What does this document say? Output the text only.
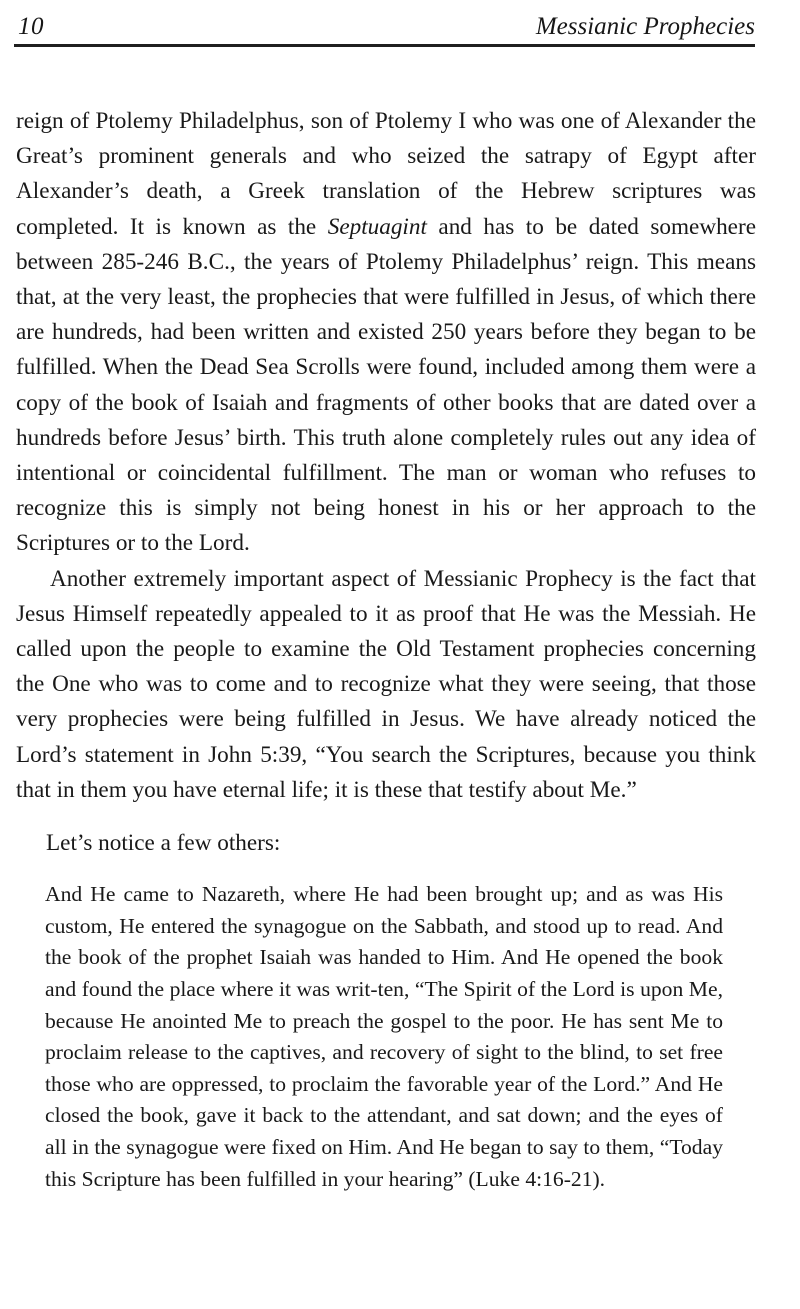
10	Messianic Prophecies

reign of Ptolemy Philadelphus, son of Ptolemy I who was one of Alexander the Great’s prominent generals and who seized the satrapy of Egypt after Alexander’s death, a Greek translation of the Hebrew scriptures was completed. It is known as the Septuagint and has to be dated somewhere between 285-246 B.C., the years of Ptolemy Philadelphus’ reign. This means that, at the very least, the prophecies that were fulfilled in Jesus, of which there are hundreds, had been written and existed 250 years before they began to be fulfilled. When the Dead Sea Scrolls were found, included among them were a copy of the book of Isaiah and fragments of other books that are dated over a hundreds before Jesus’ birth. This truth alone completely rules out any idea of intentional or coincidental fulfillment. The man or woman who refuses to recognize this is simply not being honest in his or her approach to the Scriptures or to the Lord.

Another extremely important aspect of Messianic Prophecy is the fact that Jesus Himself repeatedly appealed to it as proof that He was the Messiah. He called upon the people to examine the Old Testament prophecies concerning the One who was to come and to recognize what they were seeing, that those very prophecies were being fulfilled in Jesus. We have already noticed the Lord’s statement in John 5:39, “You search the Scriptures, because you think that in them you have eternal life; it is these that testify about Me.”

Let’s notice a few others:

And He came to Nazareth, where He had been brought up; and as was His custom, He entered the synagogue on the Sabbath, and stood up to read. And the book of the prophet Isaiah was handed to Him. And He opened the book and found the place where it was writ-ten, “The Spirit of the Lord is upon Me, because He anointed Me to preach the gospel to the poor. He has sent Me to proclaim release to the captives, and recovery of sight to the blind, to set free those who are oppressed, to proclaim the favorable year of the Lord.” And He closed the book, gave it back to the attendant, and sat down; and the eyes of all in the synagogue were fixed on Him. And He began to say to them, “Today this Scripture has been fulfilled in your hearing” (Luke 4:16-21).
